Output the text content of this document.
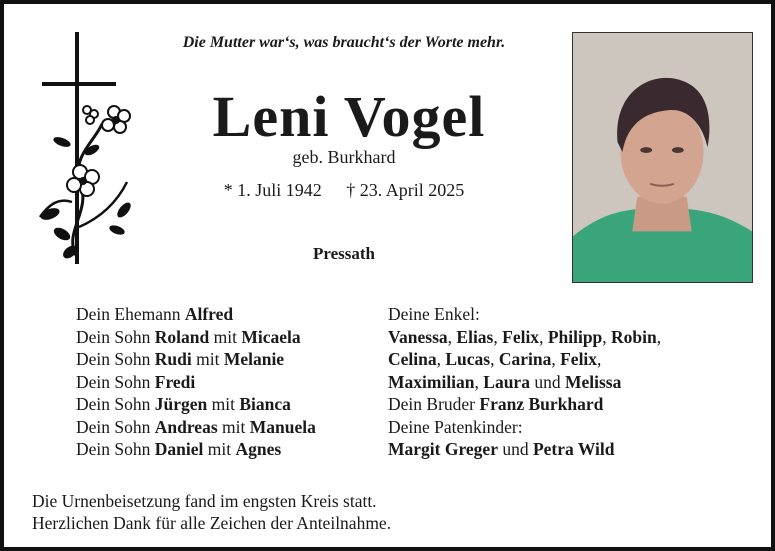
Die Mutter war‘s, was braucht‘s der Worte mehr.
Leni Vogel
geb. Burkhard
* 1. Juli 1942 † 23. April 2025
Pressath
Dein Ehemann Alfred
Dein Sohn Roland mit Micaela
Dein Sohn Rudi mit Melanie
Dein Sohn Fredi
Dein Sohn Jürgen mit Bianca
Dein Sohn Andreas mit Manuela
Dein Sohn Daniel mit Agnes
Deine Enkel:
Vanessa, Elias, Felix, Philipp, Robin,
Celina, Lucas, Carina, Felix,
Maximilian, Laura und Melissa
Dein Bruder Franz Burkhard
Deine Patenkinder:
Margit Greger und Petra Wild
Die Urnenbeisetzung fand im engsten Kreis statt.
Herzlichen Dank für alle Zeichen der Anteilnahme.
